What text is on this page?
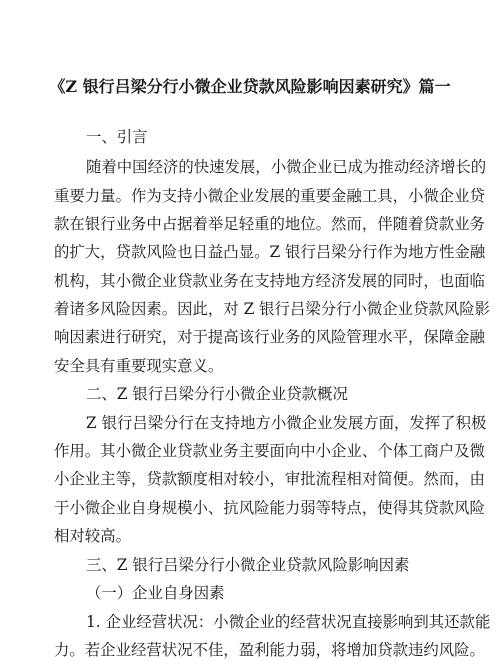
《Z 银行吕梁分行小微企业贷款风险影响因素研究》篇一
一、引言
随着中国经济的快速发展，小微企业已成为推动经济增长的
重要力量。作为支持小微企业发展的重要金融工具，小微企业贷
款在银行业务中占据着举足轻重的地位。然而，伴随着贷款业务
的扩大，贷款风险也日益凸显。Z 银行吕梁分行作为地方性金融
机构，其小微企业贷款业务在支持地方经济发展的同时，也面临
着诸多风险因素。因此，对 Z 银行吕梁分行小微企业贷款风险影
响因素进行研究，对于提高该行业务的风险管理水平，保障金融
安全具有重要现实意义。
二、Z 银行吕梁分行小微企业贷款概况
Z 银行吕梁分行在支持地方小微企业发展方面，发挥了积极
作用。其小微企业贷款业务主要面向中小企业、个体工商户及微
小企业主等，贷款额度相对较小，审批流程相对简便。然而，由
于小微企业自身规模小、抗风险能力弱等特点，使得其贷款风险
相对较高。
三、Z 银行吕梁分行小微企业贷款风险影响因素
（一）企业自身因素
1. 企业经营状况：小微企业的经营状况直接影响到其还款能
力。若企业经营状况不佳，盈利能力弱，将增加贷款违约风险。
